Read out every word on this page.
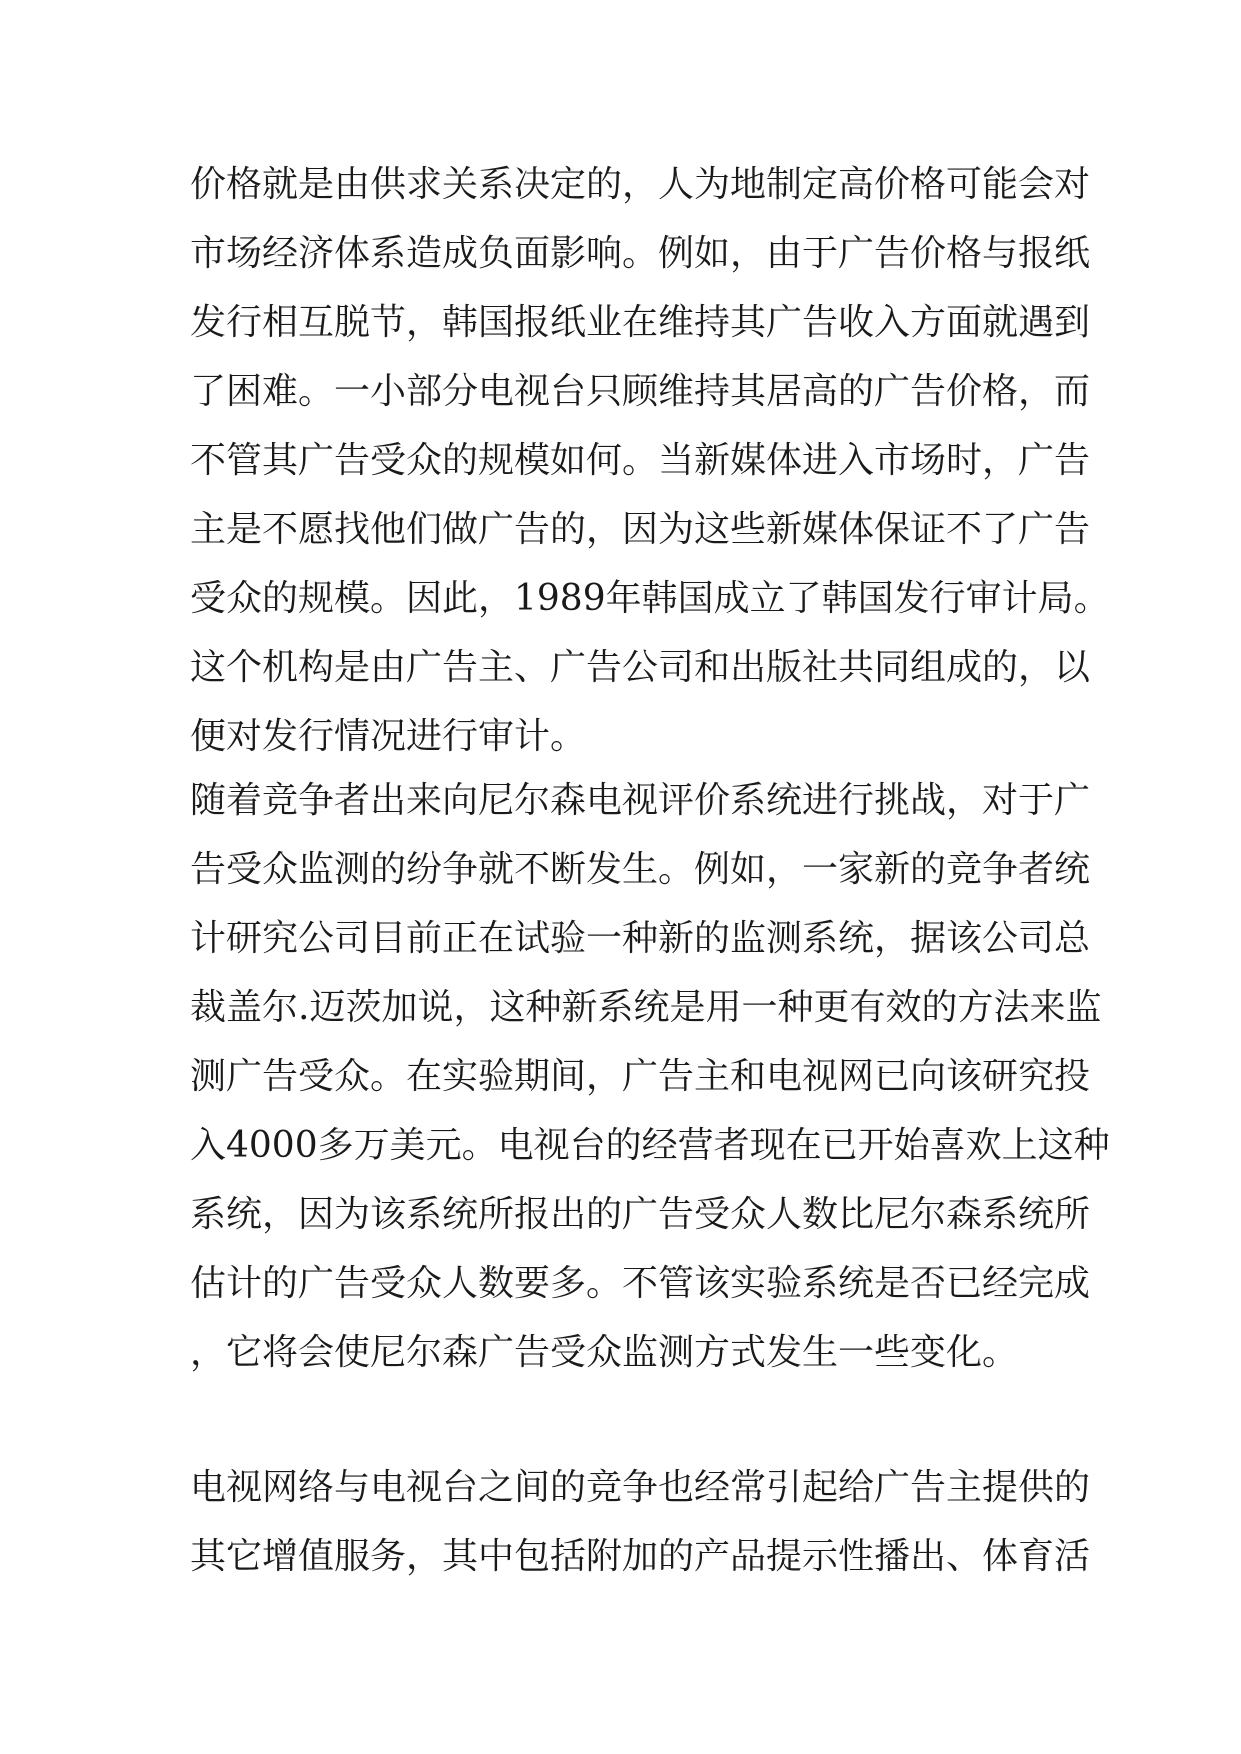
价格就是由供求关系决定的，人为地制定高价格可能会对
市场经济体系造成负面影响。例如，由于广告价格与报纸
发行相互脱节，韩国报纸业在维持其广告收入方面就遇到
了困难。一小部分电视台只顾维持其居高的广告价格，而
不管其广告受众的规模如何。当新媒体进入市场时，广告
主是不愿找他们做广告的，因为这些新媒体保证不了广告
受众的规模。因此，1989年韩国成立了韩国发行审计局。
这个机构是由广告主、广告公司和出版社共同组成的，以
便对发行情况进行审计。
随着竞争者出来向尼尔森电视评价系统进行挑战，对于广
告受众监测的纷争就不断发生。例如，一家新的竞争者统
计研究公司目前正在试验一种新的监测系统，据该公司总
裁盖尔.迈茨加说，这种新系统是用一种更有效的方法来监
测广告受众。在实验期间，广告主和电视网已向该研究投
入4000多万美元。电视台的经营者现在已开始喜欢上这种
系统，因为该系统所报出的广告受众人数比尼尔森系统所
估计的广告受众人数要多。不管该实验系统是否已经完成
，它将会使尼尔森广告受众监测方式发生一些变化。
电视网络与电视台之间的竞争也经常引起给广告主提供的
其它增值服务，其中包括附加的产品提示性播出、体育活
